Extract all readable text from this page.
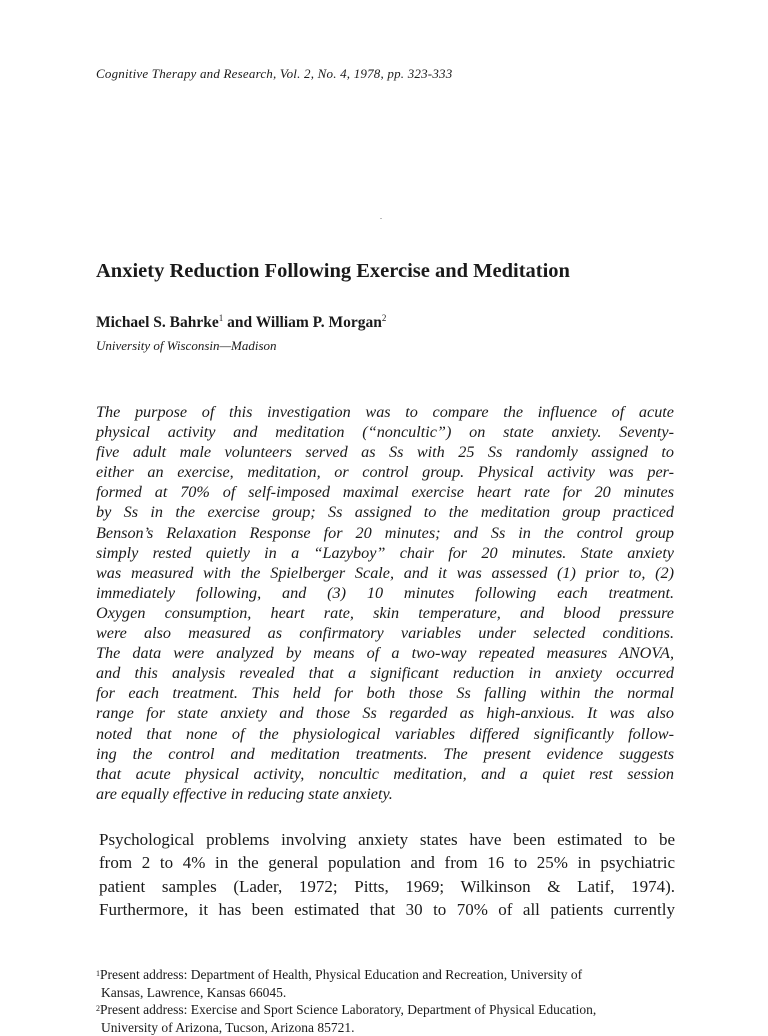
Cognitive Therapy and Research, Vol. 2, No. 4, 1978, pp. 323-333
Anxiety Reduction Following Exercise and Meditation
Michael S. Bahrke$^1$ and William P. Morgan$^2$
University of Wisconsin—Madison
The purpose of this investigation was to compare the influence of acute
physical activity and meditation (“noncultic”) on state anxiety. Seventy-
five adult male volunteers served as Ss with 25 Ss randomly assigned to
either an exercise, meditation, or control group. Physical activity was per-
formed at 70% of self-imposed maximal exercise heart rate for 20 minutes
by Ss in the exercise group; Ss assigned to the meditation group practiced
Benson’s Relaxation Response for 20 minutes; and Ss in the control group
simply rested quietly in a “Lazyboy” chair for 20 minutes. State anxiety
was measured with the Spielberger Scale, and it was assessed (1) prior to, (2)
immediately following, and (3) 10 minutes following each treatment.
Oxygen consumption, heart rate, skin temperature, and blood pressure
were also measured as confirmatory variables under selected conditions.
The data were analyzed by means of a two-way repeated measures ANOVA,
and this analysis revealed that a significant reduction in anxiety occurred
for each treatment. This held for both those Ss falling within the normal
range for state anxiety and those Ss regarded as high-anxious. It was also
noted that none of the physiological variables differed significantly follow-
ing the control and meditation treatments. The present evidence suggests
that acute physical activity, noncultic meditation, and a quiet rest session
are equally effective in reducing state anxiety.
Psychological problems involving anxiety states have been estimated to be
from 2 to 4% in the general population and from 16 to 25% in psychiatric
patient samples (Lader, 1972; Pitts, 1969; Wilkinson & Latif, 1974).
Furthermore, it has been estimated that 30 to 70% of all patients currently
$^1$Present address: Department of Health, Physical Education and Recreation, University of
Kansas, Lawrence, Kansas 66045.
$^2$Present address: Exercise and Sport Science Laboratory, Department of Physical Education,
University of Arizona, Tucson, Arizona 85721.
